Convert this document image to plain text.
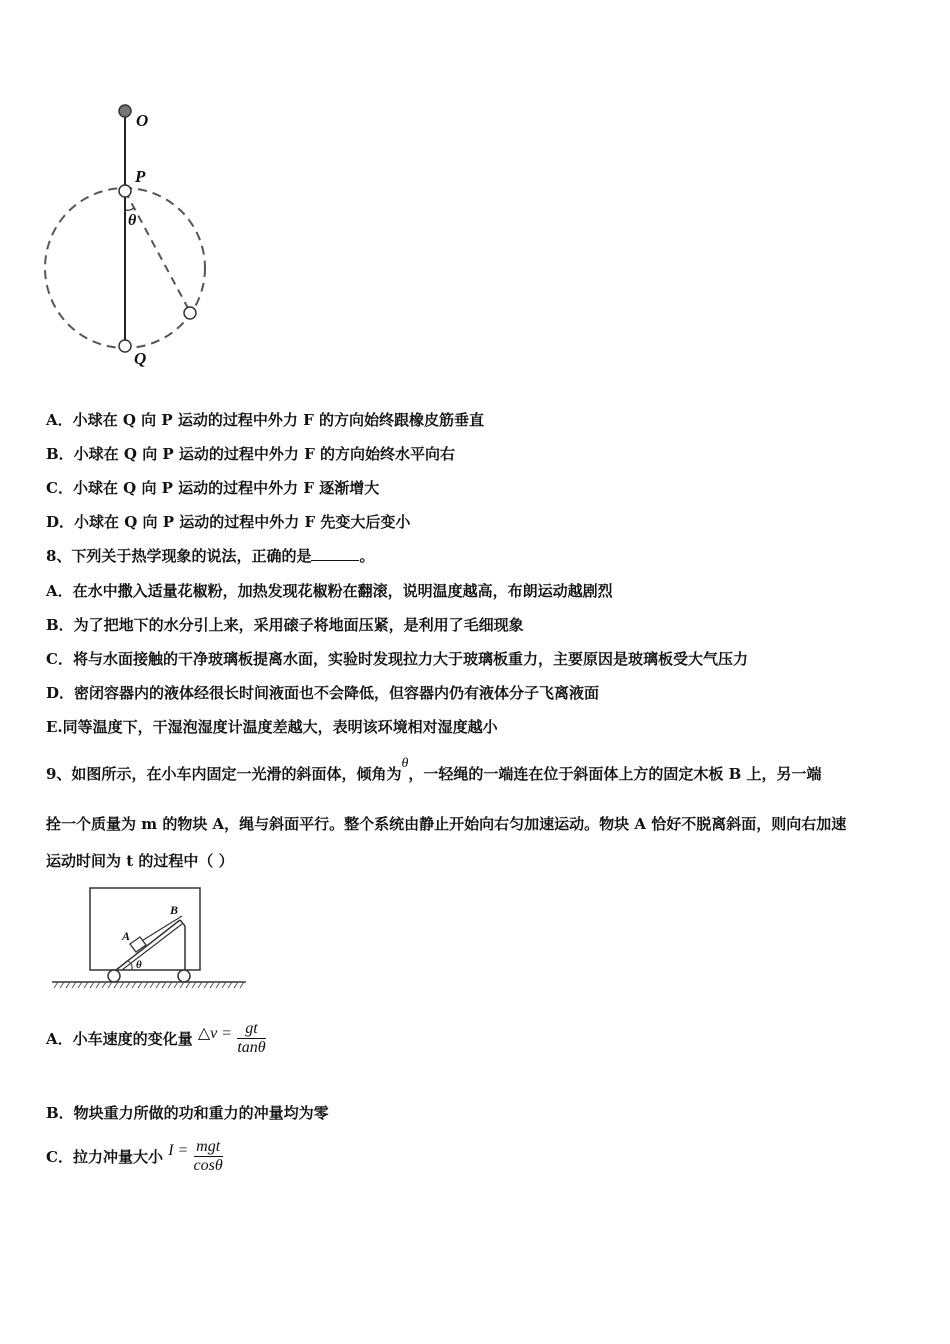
O
P
θ
Q
A．小球在 Q 向 P 运动的过程中外力 F 的方向始终跟橡皮筋垂直
B．小球在 Q 向 P 运动的过程中外力 F 的方向始终水平向右
C．小球在 Q 向 P 运动的过程中外力 F 逐渐增大
D．小球在 Q 向 P 运动的过程中外力 F 先变大后变小
8、下列关于热学现象的说法，正确的是	。
A．在水中撒入适量花椒粉，加热发现花椒粉在翻滚，说明温度越高，布朗运动越剧烈
B．为了把地下的水分引上来，采用磙子将地面压紧，是利用了毛细现象
C．将与水面接触的干净玻璃板提离水面，实验时发现拉力大于玻璃板重力，主要原因是玻璃板受大气压力
D．密闭容器内的液体经很长时间液面也不会降低，但容器内仍有液体分子飞离液面
E.同等温度下，干湿泡湿度计温度差越大，表明该环境相对湿度越小
9、如图所示，在小车内固定一光滑的斜面体，倾角为θ，一轻绳的一端连在位于斜面体上方的固定木板 B 上，另一端
拴一个质量为 m 的物块 A，绳与斜面平行。整个系统由静止开始向右匀加速运动。物块 A 恰好不脱离斜面，则向右加速
运动时间为 t 的过程中（ ）
A
B
θ
A．小车速度的变化量 △v = $\frac{gt}{\tan\theta}$
B．物块重力所做的功和重力的冲量均为零
C．拉力冲量大小 $I = \frac{\text{mgt}}{\cos\theta}$
